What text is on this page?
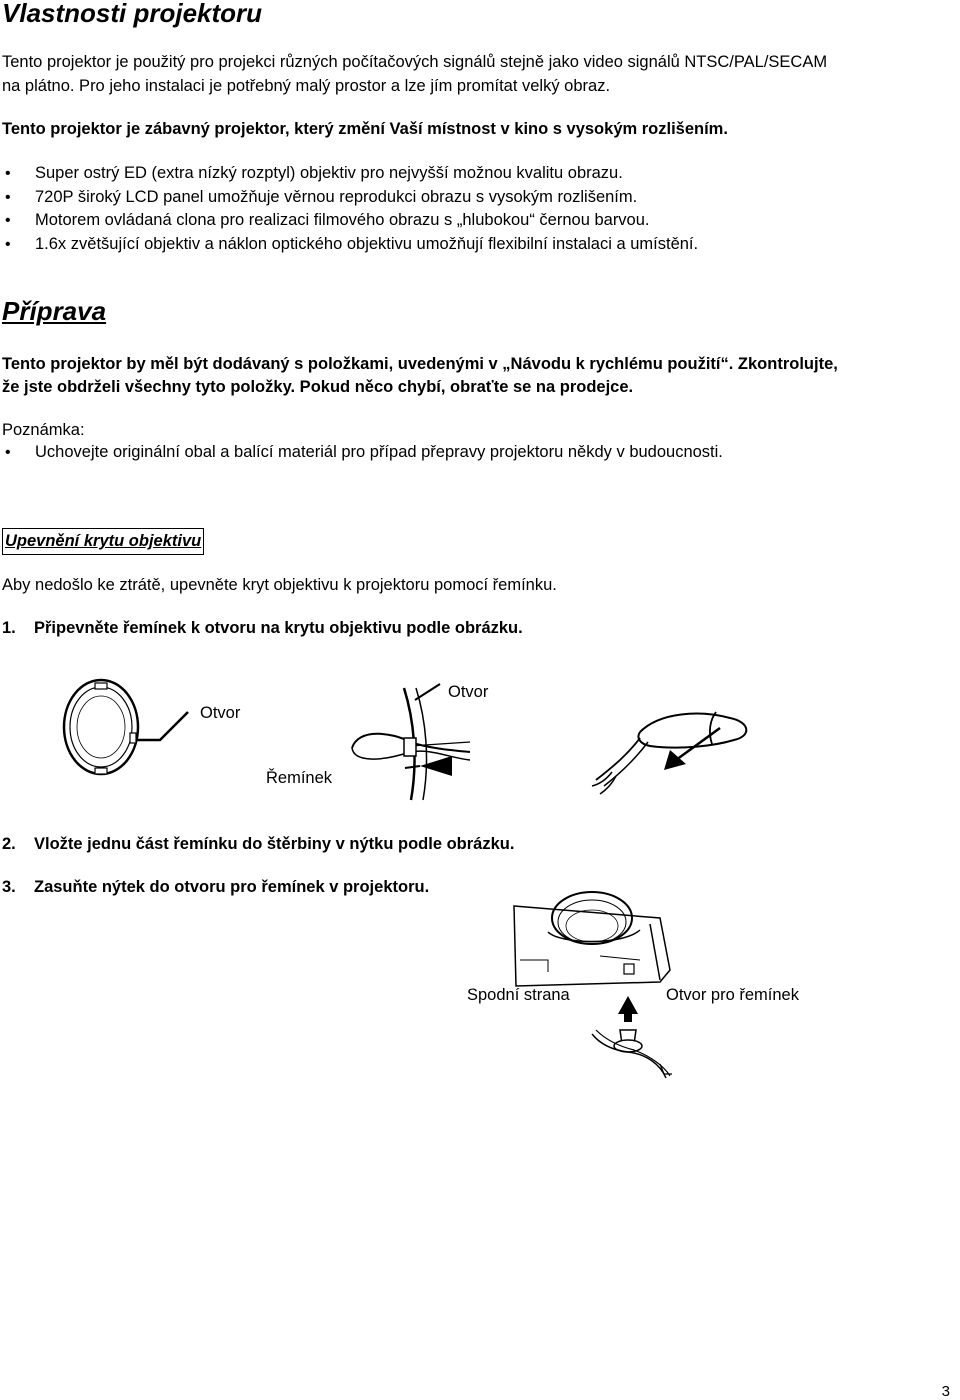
Vlastnosti projektoru

Tento projektor je použitý pro projekci různých počítačových signálů stejně jako video signálů NTSC/PAL/SECAM

na plátno. Pro jeho instalaci je potřebný malý prostor a lze jím promítat velký obraz.

Tento projektor je zábavný projektor, který změní Vaší místnost v kino s vysokým rozlišením.

• Super ostrý ED (extra nízký rozptyl) objektiv pro nejvyšší možnou kvalitu obrazu.
• 720P široký LCD panel umožňuje věrnou reprodukci obrazu s vysokým rozlišením.
• Motorem ovládaná clona pro realizaci filmového obrazu s „hlubokou“ černou barvou.
• 1.6x zvětšující objektiv a náklon optického objektivu umožňují flexibilní instalaci a umístění.
Příprava

Tento projektor by měl být dodávaný s položkami, uvedenými v „Návodu k rychlému použití“. Zkontrolujte,

že jste obdrželi všechny tyto položky. Pokud něco chybí, obraťte se na prodejce.

Poznámka:

• Uchovejte originální obal a balící materiál pro případ přepravy projektoru někdy v budoucnosti.
Upevnění krytu objektivu

Aby nedošlo ke ztrátě, upevněte kryt objektivu k projektoru pomocí řemínku.

1. Připevněte řemínek k otvoru na krytu objektivu podle obrázku.
Otvor
Otvor
Řemínek
2. Vložte jednu část řemínku do štěrbiny v nýtku podle obrázku.
3. Zasuňte nýtek do otvoru pro řemínek v projektoru.
Spodní strana	Otvor pro řemínek
3
